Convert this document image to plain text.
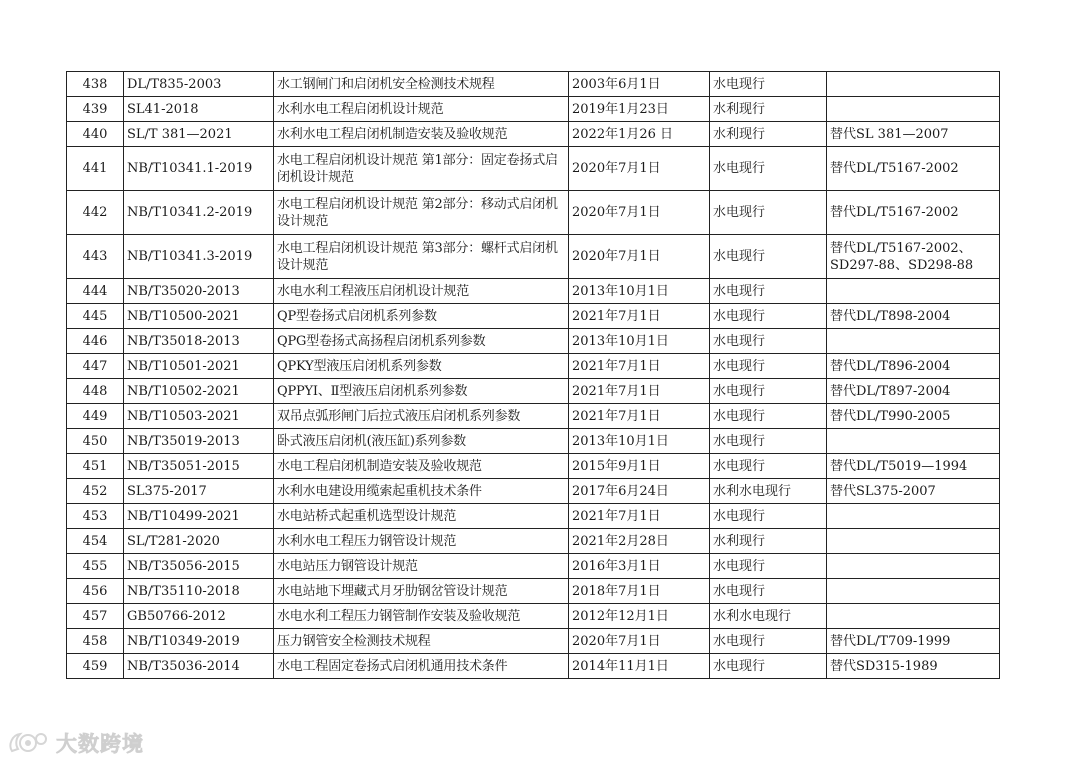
438	DL/T835-2003	水工钢闸门和启闭机安全检测技术规程	2003年6月1日	水电现行	
439	SL41-2018	水利水电工程启闭机设计规范	2019年1月23日	水利现行	
440	SL/T 381—2021	水利水电工程启闭机制造安装及验收规范	2022年1月26 日	水利现行	替代SL 381—2007
441	NB/T10341.1-2019	水电工程启闭机设计规范 第1部分：固定卷扬式启闭机设计规范	2020年7月1日	水电现行	替代DL/T5167-2002
442	NB/T10341.2-2019	水电工程启闭机设计规范 第2部分：移动式启闭机设计规范	2020年7月1日	水电现行	替代DL/T5167-2002
443	NB/T10341.3-2019	水电工程启闭机设计规范 第3部分：螺杆式启闭机设计规范	2020年7月1日	水电现行	替代DL/T5167-2002、SD297-88、SD298-88
444	NB/T35020-2013	水电水利工程液压启闭机设计规范	2013年10月1日	水电现行	
445	NB/T10500-2021	QP型卷扬式启闭机系列参数	2021年7月1日	水电现行	替代DL/T898-2004
446	NB/T35018-2013	QPG型卷扬式高扬程启闭机系列参数	2013年10月1日	水电现行	
447	NB/T10501-2021	QPKY型液压启闭机系列参数	2021年7月1日	水电现行	替代DL/T896-2004
448	NB/T10502-2021	QPPYⅠ、Ⅱ型液压启闭机系列参数	2021年7月1日	水电现行	替代DL/T897-2004
449	NB/T10503-2021	双吊点弧形闸门后拉式液压启闭机系列参数	2021年7月1日	水电现行	替代DL/T990-2005
450	NB/T35019-2013	卧式液压启闭机(液压缸)系列参数	2013年10月1日	水电现行	
451	NB/T35051-2015	水电工程启闭机制造安装及验收规范	2015年9月1日	水电现行	替代DL/T5019—1994
452	SL375-2017	水利水电建设用缆索起重机技术条件	2017年6月24日	水利水电现行	替代SL375-2007
453	NB/T10499-2021	水电站桥式起重机选型设计规范	2021年7月1日	水电现行	
454	SL/T281-2020	水利水电工程压力钢管设计规范	2021年2月28日	水利现行	
455	NB/T35056-2015	水电站压力钢管设计规范	2016年3月1日	水电现行	
456	NB/T35110-2018	水电站地下埋藏式月牙肋钢岔管设计规范	2018年7月1日	水电现行	
457	GB50766-2012	水电水利工程压力钢管制作安装及验收规范	2012年12月1日	水利水电现行	
458	NB/T10349-2019	压力钢管安全检测技术规程	2020年7月1日	水电现行	替代DL/T709-1999
459	NB/T35036-2014	水电工程固定卷扬式启闭机通用技术条件	2014年11月1日	水电现行	替代SD315-1989
大数跨境
